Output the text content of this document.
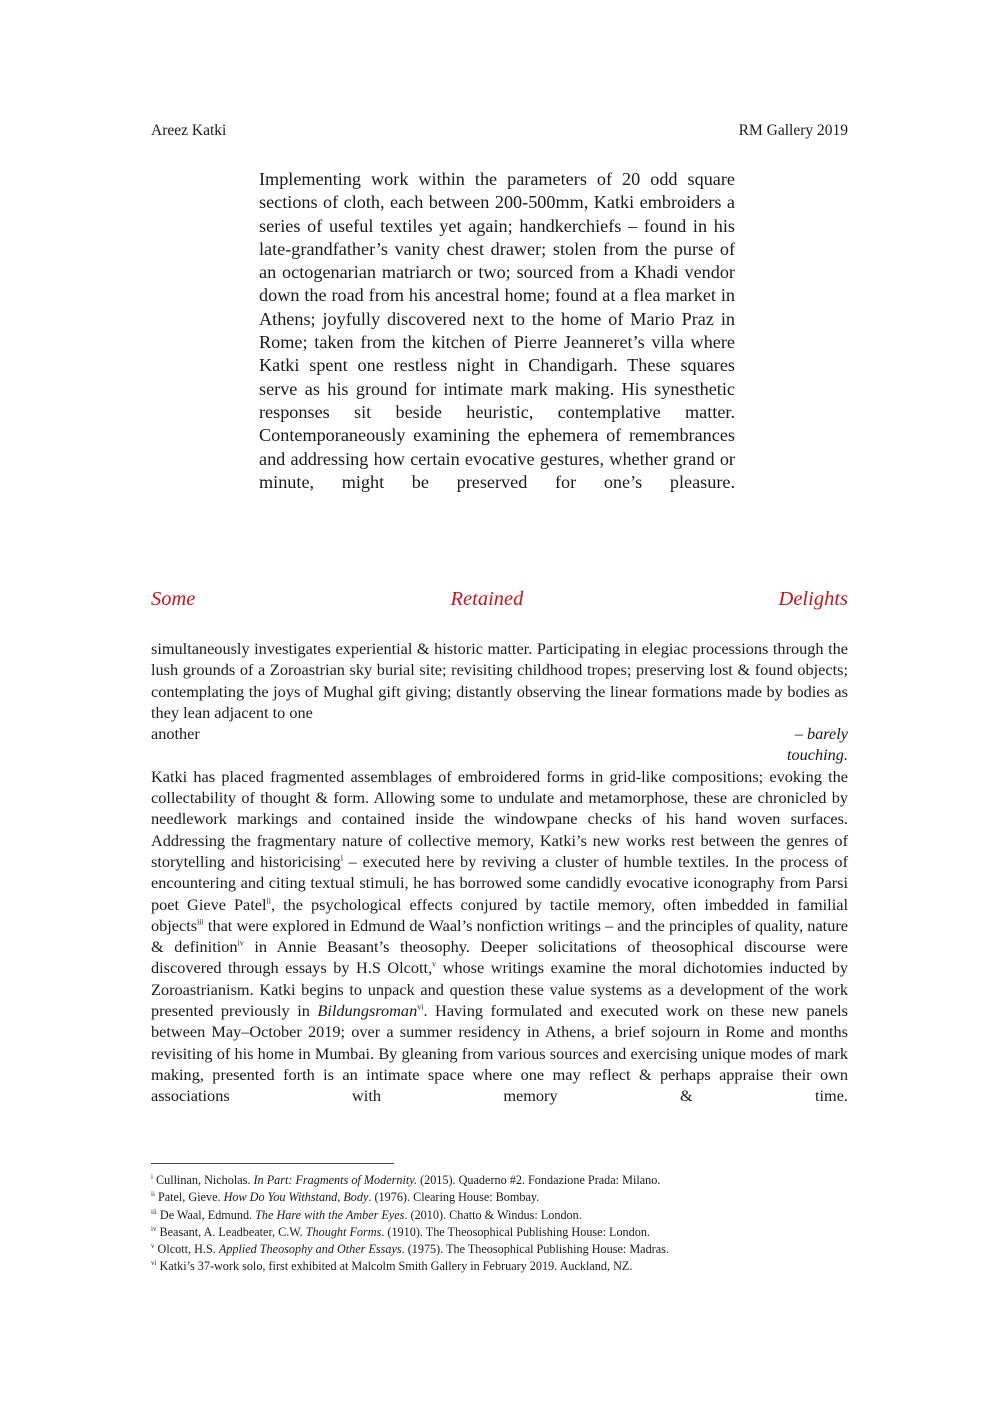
Areez Katki	RM Gallery 2019

Implementing work within the parameters of 20 odd square sections of cloth, each between 200-500mm, Katki embroiders a series of useful textiles yet again; handkerchiefs – found in his late-grandfather’s vanity chest drawer; stolen from the purse of an octogenarian matriarch or two; sourced from a Khadi vendor down the road from his ancestral home; found at a flea market in Athens; joyfully discovered next to the home of Mario Praz in Rome; taken from the kitchen of Pierre Jeanneret’s villa where Katki spent one restless night in Chandigarh. These squares serve as his ground for intimate mark making. His synesthetic responses sit beside heuristic, contemplative matter. Contemporaneously examining the ephemera of remembrances and addressing how certain evocative gestures, whether grand or minute, might be preserved for one’s pleasure.

Some	Retained	Delights

simultaneously investigates experiential & historic matter. Participating in elegiac processions through the lush grounds of a Zoroastrian sky burial site; revisiting childhood tropes; preserving lost & found objects; contemplating the joys of Mughal gift giving; distantly observing the linear formations made by bodies as they lean adjacent to one
another	– barely
touching.

Katki has placed fragmented assemblages of embroidered forms in grid-like compositions; evoking the collectability of thought & form. Allowing some to undulate and metamorphose, these are chronicled by needlework markings and contained inside the windowpane checks of his hand woven surfaces. Addressing the fragmentary nature of collective memory, Katki’s new works rest between the genres of storytelling and historicising$^i$ – executed here by reviving a cluster of humble textiles. In the process of encountering and citing textual stimuli, he has borrowed some candidly evocative iconography from Parsi poet Gieve Patel$^{ii}$, the psychological effects conjured by tactile memory, often imbedded in familial objects$^{iii}$ that were explored in Edmund de Waal’s nonfiction writings – and the principles of quality, nature & definition$^{iv}$ in Annie Beasant’s theosophy. Deeper solicitations of theosophical discourse were discovered through essays by H.S Olcott,$^v$ whose writings examine the moral dichotomies inducted by Zoroastrianism. Katki begins to unpack and question these value systems as a development of the work presented previously in Bildungsroman$^{vi}$. Having formulated and executed work on these new panels between May–October 2019; over a summer residency in Athens, a brief sojourn in Rome and months revisiting of his home in Mumbai. By gleaning from various sources and exercising unique modes of mark making, presented forth is an intimate space where one may reflect & perhaps appraise their own associations with memory & time.

$^i$ Cullinan, Nicholas. In Part: Fragments of Modernity. (2015). Quaderno #2. Fondazione Prada: Milano.
$^{ii}$ Patel, Gieve. How Do You Withstand, Body. (1976). Clearing House: Bombay.
$^{iii}$ De Waal, Edmund. The Hare with the Amber Eyes. (2010). Chatto & Windus: London.
$^{iv}$ Beasant, A. Leadbeater, C.W. Thought Forms. (1910). The Theosophical Publishing House: London.
$^v$ Olcott, H.S. Applied Theosophy and Other Essays. (1975). The Theosophical Publishing House: Madras.
$^{vi}$ Katki’s 37-work solo, first exhibited at Malcolm Smith Gallery in February 2019. Auckland, NZ.
